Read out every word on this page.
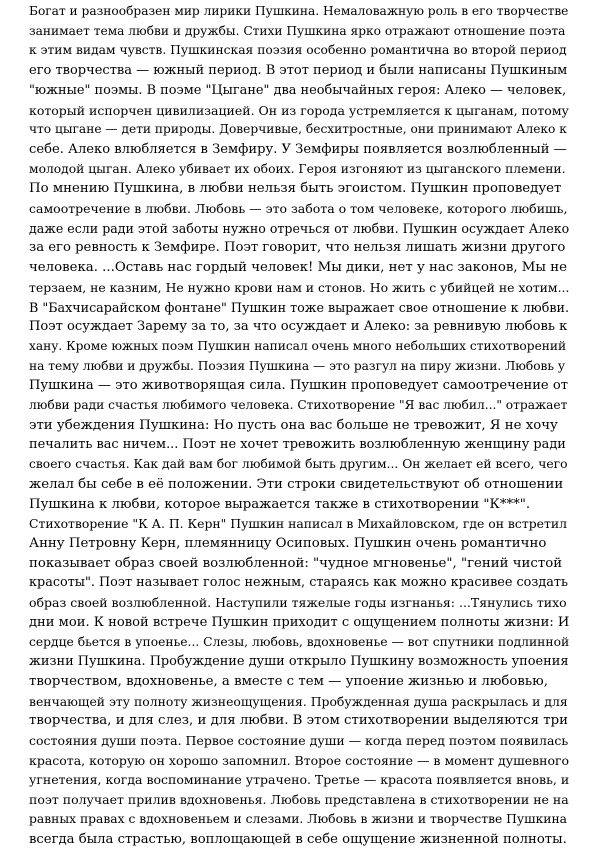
Богат и разнообразен мир лирики Пушкина. Немаловажную роль в его творчестве
занимает тема любви и дружбы. Стихи Пушкина ярко отражают отношение поэта
к этим видам чувств. Пушкинская поэзия особенно романтична во второй период
его творчества — южный период. В этот период и были написаны Пушкиным
"южные" поэмы. В поэме "Цыгане" два необычайных героя: Алеко — человек,
который испорчен цивилизацией. Он из города устремляется к цыганам, потому
что цыгане — дети природы. Доверчивые, бесхитростные, они принимают Алеко к
себе. Алеко влюбляется в Земфиру. У Земфиры появляется возлюбленный —
молодой цыган. Алеко убивает их обоих. Героя изгоняют из цыганского племени.
По мнению Пушкина, в любви нельзя быть эгоистом. Пушкин проповедует
самоотречение в любви. Любовь — это забота о том человеке, которого любишь,
даже если ради этой заботы нужно отречься от любви. Пушкин осуждает Алеко
за его ревность к Земфире. Поэт говорит, что нельзя лишать жизни другого
человека. ...Оставь нас гордый человек! Мы дики, нет у нас законов, Мы не
терзаем, не казним, Не нужно крови нам и стонов. Но жить с убийцей не хотим...
В "Бахчисарайском фонтане" Пушкин тоже выражает свое отношение к любви.
Поэт осуждает Зарему за то, за что осуждает и Алеко: за ревнивую любовь к
хану. Кроме южных поэм Пушкин написал очень много небольших стихотворений
на тему любви и дружбы. Поэзия Пушкина — это разгул на пиру жизни. Любовь у
Пушкина — это животворящая сила. Пушкин проповедует самоотречение от
любви ради счастья любимого человека. Стихотворение "Я вас любил..." отражает
эти убеждения Пушкина: Но пусть она вас больше не тревожит, Я не хочу
печалить вас ничем... Поэт не хочет тревожить возлюбленную женщину ради
своего счастья. Как дай вам бог любимой быть другим... Он желает ей всего, чего
желал бы себе в её положении. Эти строки свидетельствуют об отношении
Пушкина к любви, которое выражается также в стихотворении "К***".
Стихотворение "К А. П. Керн" Пушкин написал в Михайловском, где он встретил
Анну Петровну Керн, племянницу Осиповых. Пушкин очень романтично
показывает образ своей возлюбленной: "чудное мгновенье", "гений чистой
красоты". Поэт называет голос нежным, стараясь как можно красивее создать
образ своей возлюбленной. Наступили тяжелые годы изгнанья: ...Тянулись тихо
дни мои. К новой встрече Пушкин приходит с ощущением полноты жизни: И
сердце бьется в упоенье... Слезы, любовь, вдохновенье — вот спутники подлинной
жизни Пушкина. Пробуждение души открыло Пушкину возможность упоения
творчеством, вдохновенье, а вместе с тем — упоение жизнью и любовью,
венчающей эту полноту жизнеощущения. Пробужденная душа раскрылась и для
творчества, и для слез, и для любви. В этом стихотворении выделяются три
состояния души поэта. Первое состояние души — когда перед поэтом появилась
красота, которую он хорошо запомнил. Второе состояние — в момент душевного
угнетения, когда воспоминание утрачено. Третье — красота появляется вновь, и
поэт получает прилив вдохновенья. Любовь представлена в стихотворении не на
равных правах с вдохновеньем и слезами. Любовь в жизни и творчестве Пушкина
всегда была страстью, воплощающей в себе ощущение жизненной полноты.
